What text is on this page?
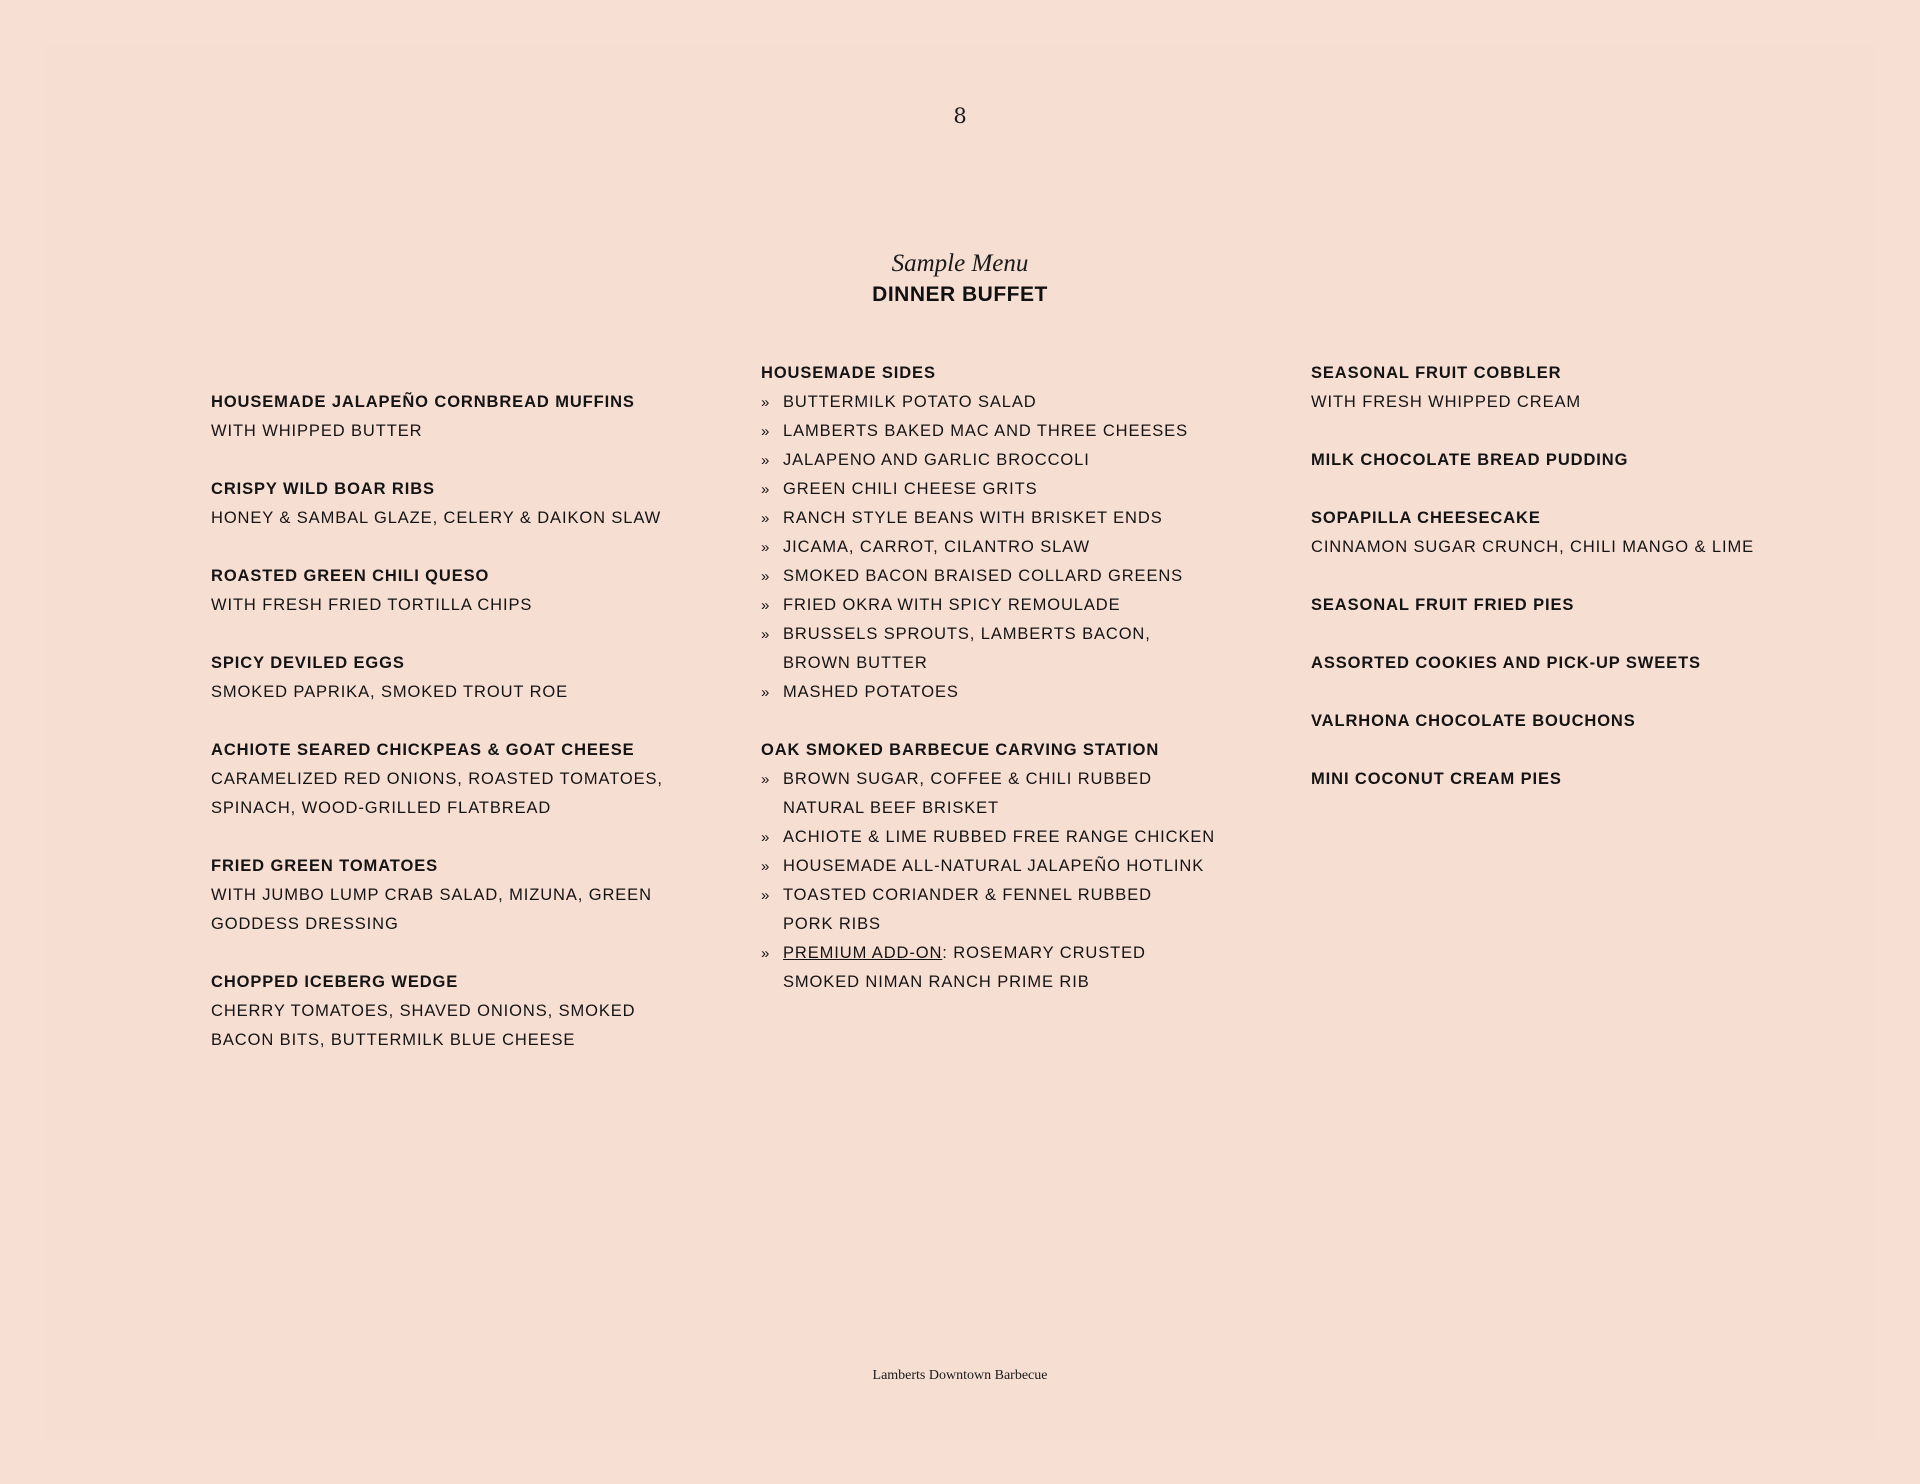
8
Sample Menu
DINNER BUFFET
HOUSEMADE JALAPEÑO CORNBREAD MUFFINS
WITH WHIPPED BUTTER
CRISPY WILD BOAR RIBS
HONEY & SAMBAL GLAZE, CELERY & DAIKON SLAW
ROASTED GREEN CHILI QUESO
WITH FRESH FRIED TORTILLA CHIPS
SPICY DEVILED EGGS
SMOKED PAPRIKA, SMOKED TROUT ROE
ACHIOTE SEARED CHICKPEAS & GOAT CHEESE
CARAMELIZED RED ONIONS, ROASTED TOMATOES, SPINACH, WOOD-GRILLED FLATBREAD
FRIED GREEN TOMATOES
WITH JUMBO LUMP CRAB SALAD, MIZUNA, GREEN GODDESS DRESSING
CHOPPED ICEBERG WEDGE
CHERRY TOMATOES, SHAVED ONIONS, SMOKED BACON BITS, BUTTERMILK BLUE CHEESE
HOUSEMADE SIDES
» BUTTERMILK POTATO SALAD
» LAMBERTS BAKED MAC AND THREE CHEESES
» JALAPENO AND GARLIC BROCCOLI
» GREEN CHILI CHEESE GRITS
» RANCH STYLE BEANS WITH BRISKET ENDS
» JICAMA, CARROT, CILANTRO SLAW
» SMOKED BACON BRAISED COLLARD GREENS
» FRIED OKRA WITH SPICY REMOULADE
» BRUSSELS SPROUTS, LAMBERTS BACON, BROWN BUTTER
» MASHED POTATOES
OAK SMOKED BARBECUE CARVING STATION
» BROWN SUGAR, COFFEE & CHILI RUBBED NATURAL BEEF BRISKET
» ACHIOTE & LIME RUBBED FREE RANGE CHICKEN
» HOUSEMADE ALL-NATURAL JALAPEÑO HOTLINK
» TOASTED CORIANDER & FENNEL RUBBED PORK RIBS
» PREMIUM ADD-ON: ROSEMARY CRUSTED SMOKED NIMAN RANCH PRIME RIB
SEASONAL FRUIT COBBLER
WITH FRESH WHIPPED CREAM
MILK CHOCOLATE BREAD PUDDING
SOPAPILLA CHEESECAKE
CINNAMON SUGAR CRUNCH, CHILI MANGO & LIME
SEASONAL FRUIT FRIED PIES
ASSORTED COOKIES AND PICK-UP SWEETS
VALRHONA CHOCOLATE BOUCHONS
MINI COCONUT CREAM PIES
Lamberts Downtown Barbecue
